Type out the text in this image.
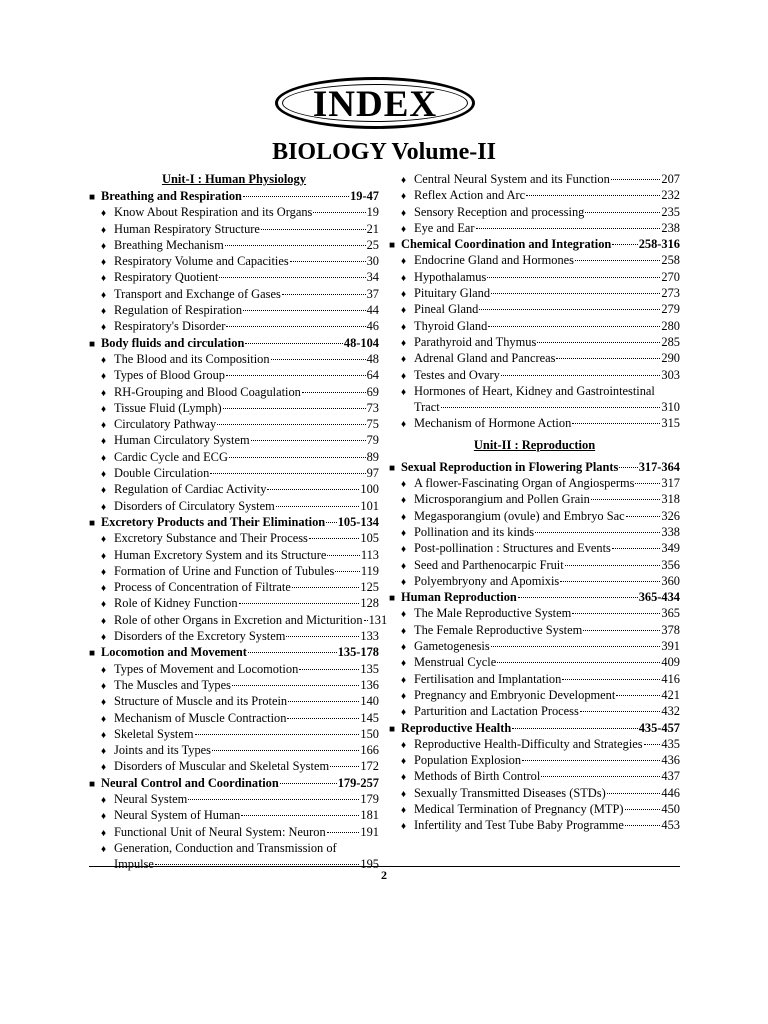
INDEX
BIOLOGY Volume-II
Unit-I : Human Physiology
■ Breathing and Respiration	19-47
♦ Know About Respiration and its Organs	19
♦ Human Respiratory Structure	21
♦ Breathing Mechanism	25
♦ Respiratory Volume and Capacities	30
♦ Respiratory Quotient	34
♦ Transport and Exchange of Gases	37
♦ Regulation of Respiration	44
♦ Respiratory's Disorder	46
■ Body fluids and circulation	48-104
♦ The Blood and its Composition	48
♦ Types of Blood Group	64
♦ RH-Grouping and Blood Coagulation	69
♦ Tissue Fluid (Lymph)	73
♦ Circulatory Pathway	75
♦ Human Circulatory System	79
♦ Cardic Cycle and ECG	89
♦ Double Circulation	97
♦ Regulation of Cardiac Activity	100
♦ Disorders of Circulatory System	101
■ Excretory Products and Their Elimination 105-134
♦ Excretory Substance and Their Process	105
♦ Human Excretory System and its Structure	113
♦ Formation of Urine and Function of Tubules 119
♦ Process of Concentration of Filtrate	125
♦ Role of Kidney Function	128
♦ Role of other Organs in Excretion and Micturition 131
♦ Disorders of the Excretory System	133
■ Locomotion and Movement	135-178
♦ Types of Movement and Locomotion	135
♦ The Muscles and Types	136
♦ Structure of Muscle and its Protein	140
♦ Mechanism of Muscle Contraction	145
♦ Skeletal System	150
♦ Joints and its Types	166
♦ Disorders of Muscular and Skeletal System	172
■ Neural Control and Coordination	179-257
♦ Neural System	179
♦ Neural System of Human	181
♦ Functional Unit of Neural System: Neuron	191
♦ Generation, Conduction and Transmission of
Impulse	195
♦ Central Neural System and its Function	207
♦ Reflex Action and Arc	232
♦ Sensory Reception and processing	235
♦ Eye and Ear	238
■ Chemical Coordination and Integration 258-316
♦ Endocrine Gland and Hormones	258
♦ Hypothalamus	270
♦ Pituitary Gland	273
♦ Pineal Gland	279
♦ Thyroid Gland	280
♦ Parathyroid and Thymus	285
♦ Adrenal Gland and Pancreas	290
♦ Testes and Ovary	303
♦ Hormones of Heart, Kidney and Gastrointestinal
Tract	310
♦ Mechanism of Hormone Action	315
Unit-II : Reproduction
■ Sexual Reproduction in Flowering Plants 317-364
♦ A flower-Fascinating Organ of Angiosperms 317
♦ Microsporangium and Pollen Grain	318
♦ Megasporangium (ovule) and Embryo Sac	326
♦ Pollination and its kinds	338
♦ Post-pollination : Structures and Events	349
♦ Seed and Parthenocarpic Fruit	356
♦ Polyembryony and Apomixis	360
■ Human Reproduction	365-434
♦ The Male Reproductive System	365
♦ The Female Reproductive System	378
♦ Gametogenesis	391
♦ Menstrual Cycle	409
♦ Fertilisation and Implantation	416
♦ Pregnancy and Embryonic Development	421
♦ Parturition and Lactation Process	432
■ Reproductive Health	435-457
♦ Reproductive Health-Difficulty and Strategies 435
♦ Population Explosion	436
♦ Methods of Birth Control	437
♦ Sexually Transmitted Diseases (STDs)	446
♦ Medical Termination of Pregnancy (MTP)	450
♦ Infertility and Test Tube Baby Programme	453
2
